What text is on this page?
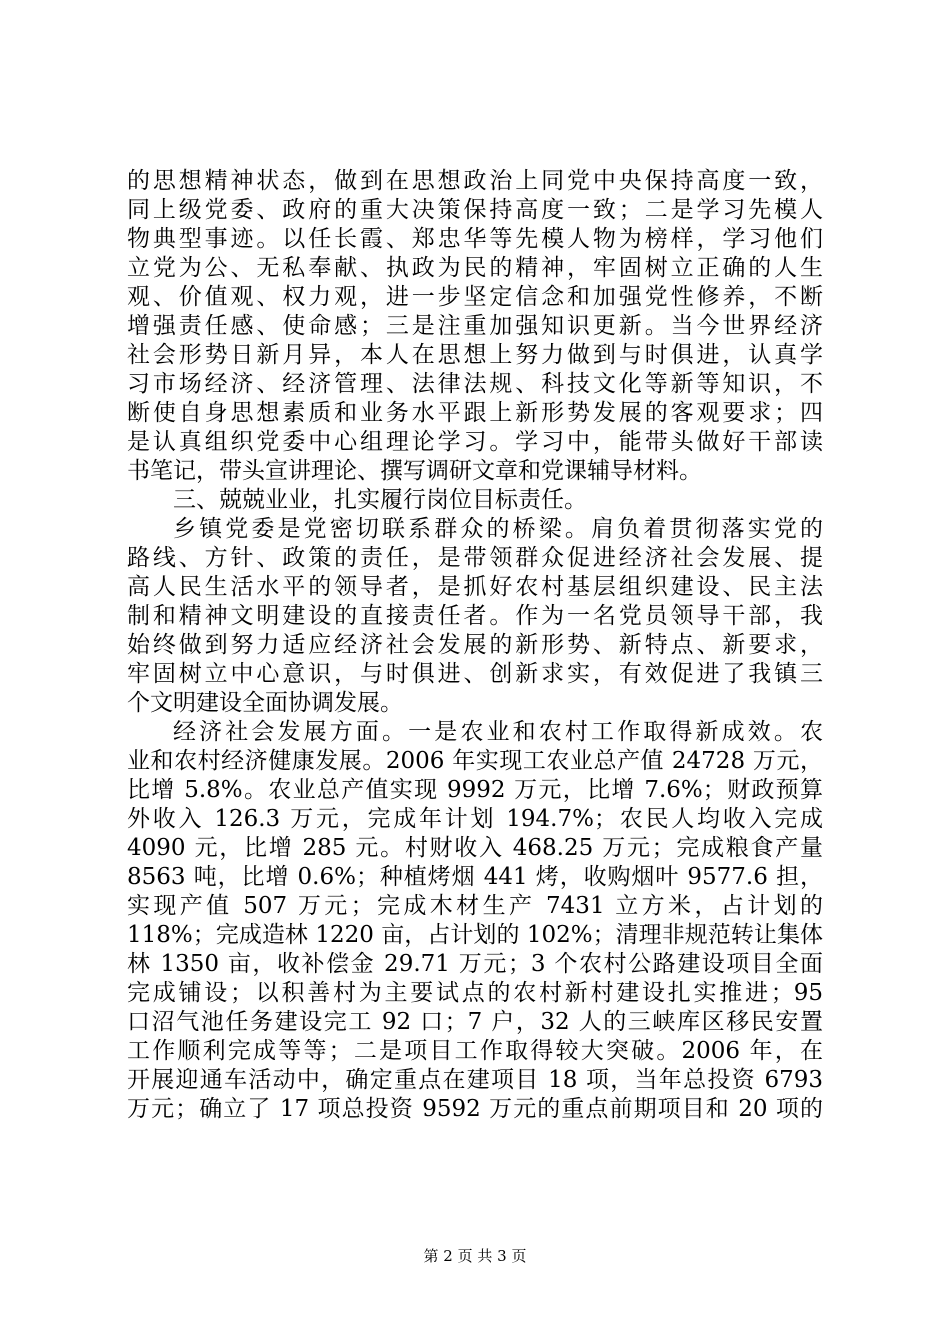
的思想精神状态，做到在思想政治上同党中央保持高度一致，
同上级党委、政府的重大决策保持高度一致；二是学习先模人
物典型事迹。以任长霞、郑忠华等先模人物为榜样，学习他们
立党为公、无私奉献、执政为民的精神，牢固树立正确的人生
观、价值观、权力观，进一步坚定信念和加强党性修养，不断
增强责任感、使命感；三是注重加强知识更新。当今世界经济
社会形势日新月异，本人在思想上努力做到与时俱进，认真学
习市场经济、经济管理、法律法规、科技文化等新等知识，不
断使自身思想素质和业务水平跟上新形势发展的客观要求；四
是认真组织党委中心组理论学习。学习中，能带头做好干部读
书笔记，带头宣讲理论、撰写调研文章和党课辅导材料。
三、兢兢业业，扎实履行岗位目标责任。
乡镇党委是党密切联系群众的桥梁。肩负着贯彻落实党的
路线、方针、政策的责任，是带领群众促进经济社会发展、提
高人民生活水平的领导者，是抓好农村基层组织建设、民主法
制和精神文明建设的直接责任者。作为一名党员领导干部，我
始终做到努力适应经济社会发展的新形势、新特点、新要求，
牢固树立中心意识，与时俱进、创新求实，有效促进了我镇三
个文明建设全面协调发展。
经济社会发展方面。一是农业和农村工作取得新成效。农
业和农村经济健康发展。2006 年实现工农业总产值 24728 万元，
比增 5.8%。农业总产值实现 9992 万元，比增 7.6%；财政预算
外收入 126.3 万元，完成年计划 194.7%；农民人均收入完成
4090 元，比增 285 元。村财收入 468.25 万元；完成粮食产量
8563 吨，比增 0.6%；种植烤烟 441 烤，收购烟叶 9577.6 担，
实现产值 507 万元；完成木材生产 7431 立方米，占计划的
118%；完成造林 1220 亩，占计划的 102%；清理非规范转让集体
林 1350 亩，收补偿金 29.71 万元；3 个农村公路建设项目全面
完成铺设；以积善村为主要试点的农村新村建设扎实推进；95
口沼气池任务建设完工 92 口；7 户，32 人的三峡库区移民安置
工作顺利完成等等；二是项目工作取得较大突破。2006 年，在
开展迎通车活动中，确定重点在建项目 18 项，当年总投资 6793
万元；确立了 17 项总投资 9592 万元的重点前期项目和 20 项的
第 2 页 共 3 页
